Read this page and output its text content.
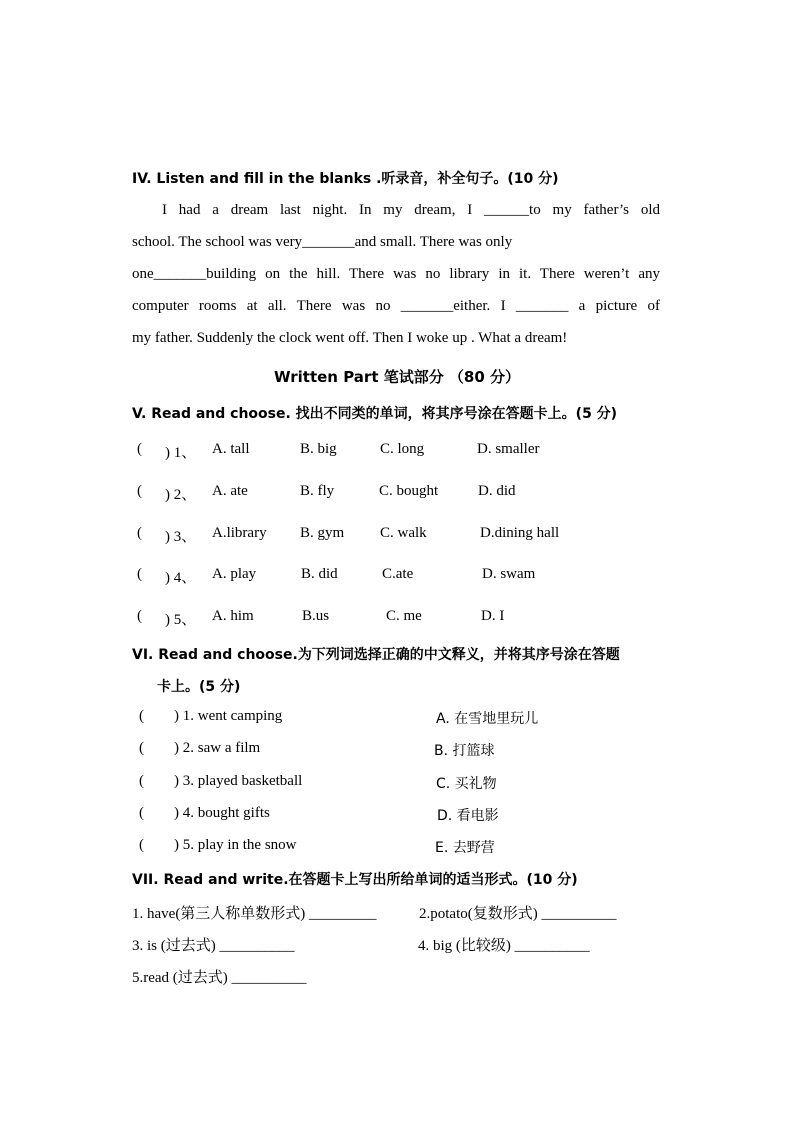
IV. Listen and fill in the blanks .听录音，补全句子。(10 分)

I had a dream last night. In my dream, I ______to my father’s old

school. The school was very_______and small. There was only

one_______building on the hill. There was no library in it. There weren’t any

computer rooms at all. There was no _______either. I _______ a picture of

my father. Suddenly the clock went off. Then I woke up . What a dream!

Written Part 笔试部分 （80 分）
V. Read and choose. 找出不同类的单词，将其序号涂在答题卡上。(5 分)
( ) 1、 A. tall	B. big	C. long	D. smaller
( ) 2、 A. ate	B. fly	C. bought	D. did
( ) 3、 A.library B. gym C. walk	D.dining hall
( ) 4、 A. play	B. did	C.ate	D. swam
( ) 5、 A. him	B.us	C. me	D. I
VI. Read and choose.为下列词选择正确的中文释义，并将其序号涂在答题
卡上。(5 分)
( ) 1. went camping	A. 在雪地里玩儿
( ) 2. saw a film	B. 打篮球
( ) 3. played basketball	C. 买礼物
( ) 4. bought gifts	D. 看电影
( ) 5. play in the snow	E. 去野营
VII. Read and write.在答题卡上写出所给单词的适当形式。(10 分)
1. have(第三人称单数形式) _________	2.potato(复数形式) __________
3. is (过去式) __________	4. big (比较级) __________
5.read (过去式) __________
